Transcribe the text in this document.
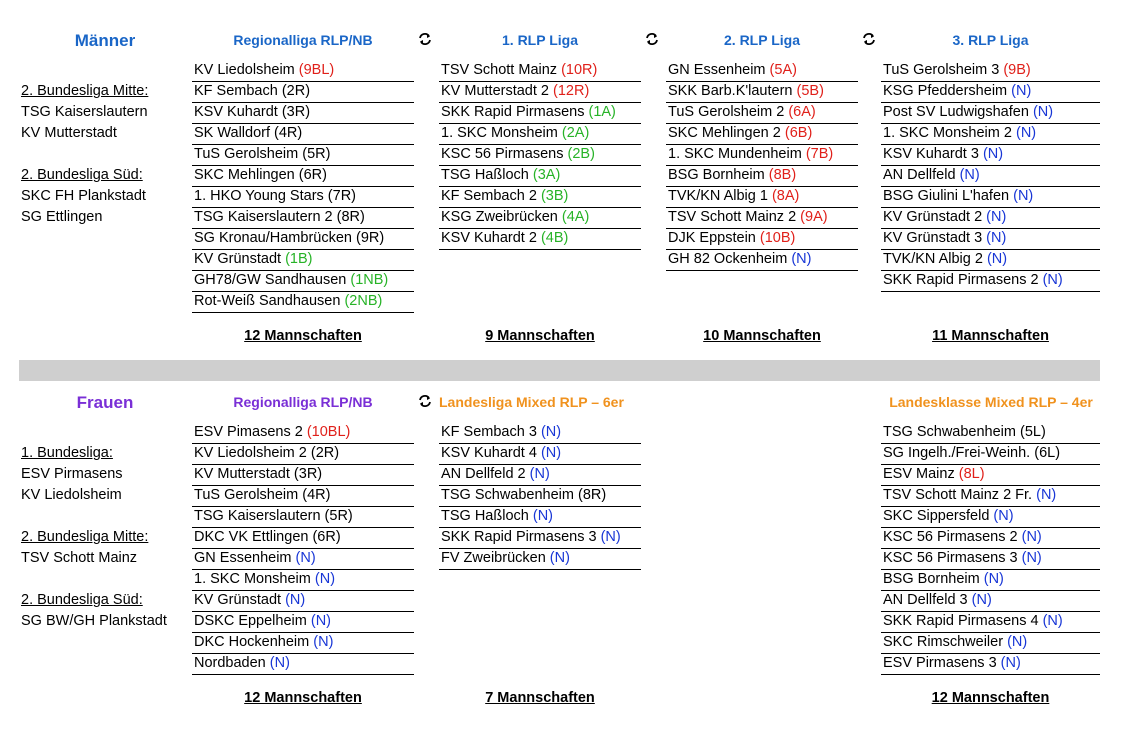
Männer
2. Bundesliga Mitte:
TSG Kaiserslautern
KV Mutterstadt

2. Bundesliga Süd:
SKC FH Plankstadt
SG Ettlingen
Regionalliga RLP/NB	1. RLP Liga	2. RLP Liga	3. RLP Liga
KV Liedolsheim (9BL)
KF Sembach (2R)
KSV Kuhardt (3R)
SK Walldorf (4R)
TuS Gerolsheim (5R)
SKC Mehlingen (6R)
1. HKO Young Stars (7R)
TSG Kaiserslautern 2 (8R)
SG Kronau/Hambrücken (9R)
KV Grünstadt (1B)
GH78/GW Sandhausen (1NB)
Rot-Weiß Sandhausen (2NB)
TSV Schott Mainz (10R)
KV Mutterstadt 2 (12R)
SKK Rapid Pirmasens (1A)
1. SKC Monsheim (2A)
KSC 56 Pirmasens (2B)
TSG Haßloch (3A)
KF Sembach 2 (3B)
KSG Zweibrücken (4A)
KSV Kuhardt 2 (4B)
GN Essenheim (5A)
SKK Barb.K'lautern (5B)
TuS Gerolsheim 2 (6A)
SKC Mehlingen 2 (6B)
1. SKC Mundenheim (7B)
BSG Bornheim (8B)
TVK/KN Albig 1 (8A)
TSV Schott Mainz 2 (9A)
DJK Eppstein (10B)
GH 82 Ockenheim (N)
TuS Gerolsheim 3 (9B)
KSG Pfeddersheim (N)
Post SV Ludwigshafen (N)
1. SKC Monsheim 2 (N)
KSV Kuhardt 3 (N)
AN Dellfeld (N)
BSG Giulini L'hafen (N)
KV Grünstadt 2 (N)
KV Grünstadt 3 (N)
TVK/KN Albig 2 (N)
SKK Rapid Pirmasens 2 (N)
12 Mannschaften	9 Mannschaften	10 Mannschaften	11 Mannschaften
Frauen
1. Bundesliga:
ESV Pirmasens
KV Liedolsheim

2. Bundesliga Mitte:
TSV Schott Mainz

2. Bundesliga Süd:
SG BW/GH Plankstadt
Regionalliga RLP/NB	Landesliga Mixed RLP – 6er	Landesklasse Mixed RLP – 4er
ESV Pimasens 2 (10BL)
KV Liedolsheim 2 (2R)
KV Mutterstadt (3R)
TuS Gerolsheim (4R)
TSG Kaiserslautern (5R)
DKC VK Ettlingen (6R)
GN Essenheim (N)
1. SKC Monsheim (N)
KV Grünstadt (N)
DSKC Eppelheim (N)
DKC Hockenheim (N)
Nordbaden (N)
KF Sembach 3 (N)
KSV Kuhardt 4 (N)
AN Dellfeld 2 (N)
TSG Schwabenheim (8R)
TSG Haßloch (N)
SKK Rapid Pirmasens 3 (N)
FV Zweibrücken (N)
TSG Schwabenheim (5L)
SG Ingelh./Frei-Weinh. (6L)
ESV Mainz (8L)
TSV Schott Mainz 2 Fr. (N)
SKC Sippersfeld (N)
KSC 56 Pirmasens 2 (N)
KSC 56 Pirmasens 3 (N)
BSG Bornheim (N)
AN Dellfeld 3 (N)
SKK Rapid Pirmasens 4 (N)
SKC Rimschweiler (N)
ESV Pirmasens 3 (N)
12 Mannschaften	7 Mannschaften	12 Mannschaften
